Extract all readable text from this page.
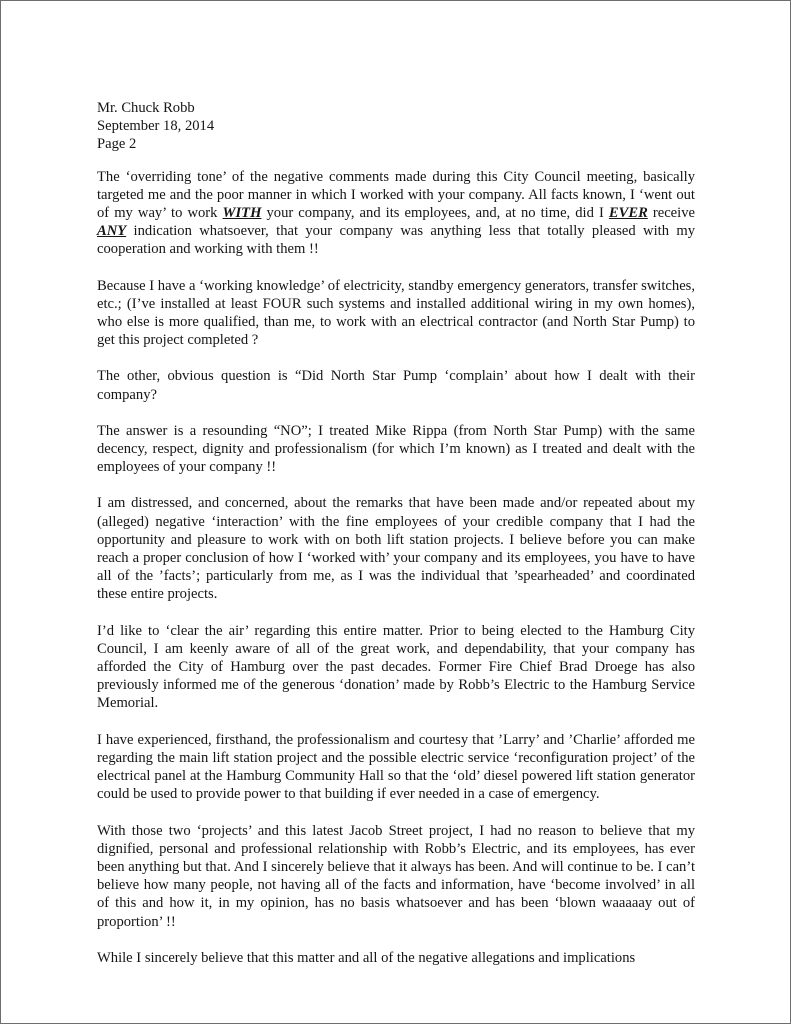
Mr. Chuck Robb
September 18, 2014
Page 2

The ‘overriding tone’ of the negative comments made during this City Council meeting, basically targeted me and the poor manner in which I worked with your company. All facts known, I ‘went out of my way’ to work WITH your company, and its employees, and, at no time, did I EVER receive ANY indication whatsoever, that your company was anything less that totally pleased with my cooperation and working with them !!

Because I have a ‘working knowledge’ of electricity, standby emergency generators, transfer switches, etc.; (I’ve installed at least FOUR such systems and installed additional wiring in my own homes), who else is more qualified, than me, to work with an electrical contractor (and North Star Pump) to get this project completed ?

The other, obvious question is “Did North Star Pump ‘complain’ about how I dealt with their company?

The answer is a resounding “NO”; I treated Mike Rippa (from North Star Pump) with the same decency, respect, dignity and professionalism (for which I’m known) as I treated and dealt with the employees of your company !!

I am distressed, and concerned, about the remarks that have been made and/or repeated about my (alleged) negative ‘interaction’ with the fine employees of your credible company that I had the opportunity and pleasure to work with on both lift station projects. I believe before you can make reach a proper conclusion of how I ‘worked with’ your company and its employees, you have to have all of the ’facts’; particularly from me, as I was the individual that ’spearheaded’ and coordinated these entire projects.

I’d like to ‘clear the air’ regarding this entire matter. Prior to being elected to the Hamburg City Council, I am keenly aware of all of the great work, and dependability, that your company has afforded the City of Hamburg over the past decades. Former Fire Chief Brad Droege has also previously informed me of the generous ‘donation’ made by Robb’s Electric to the Hamburg Service Memorial.

I have experienced, firsthand, the professionalism and courtesy that ’Larry’ and ’Charlie’ afforded me regarding the main lift station project and the possible electric service ‘reconfiguration project’ of the electrical panel at the Hamburg Community Hall so that the ‘old’ diesel powered lift station generator could be used to provide power to that building if ever needed in a case of emergency.

With those two ‘projects’ and this latest Jacob Street project, I had no reason to believe that my dignified, personal and professional relationship with Robb’s Electric, and its employees, has ever been anything but that. And I sincerely believe that it always has been. And will continue to be. I can’t believe how many people, not having all of the facts and information, have ‘become involved’ in all of this and how it, in my opinion, has no basis whatsoever and has been ‘blown waaaaay out of proportion’ !!

While I sincerely believe that this matter and all of the negative allegations and implications
